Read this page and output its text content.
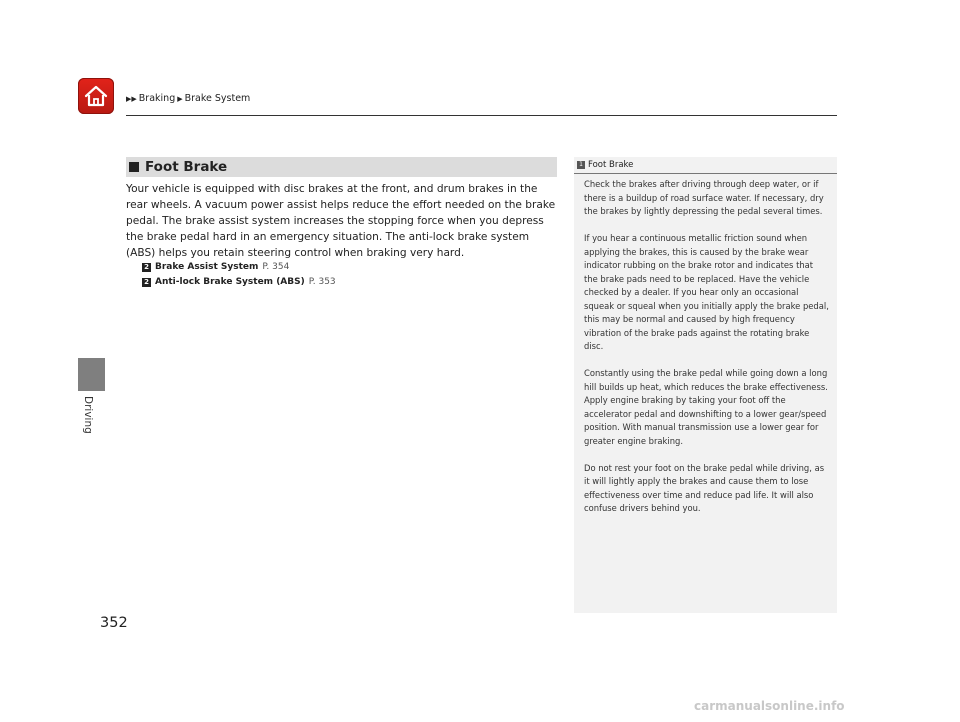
▶▶ Braking ▶ Brake System
Driving
352
Foot Brake

Your vehicle is equipped with disc brakes at the front, and drum brakes in the rear wheels. A vacuum power assist helps reduce the effort needed on the brake pedal. The brake assist system increases the stopping force when you depress the brake pedal hard in an emergency situation. The anti-lock brake system (ABS) helps you retain steering control when braking very hard.

2 Brake Assist System P. 354
2 Anti-lock Brake System (ABS) P. 353
1 Foot Brake

Check the brakes after driving through deep water, or if there is a buildup of road surface water. If necessary, dry the brakes by lightly depressing the pedal several times.

If you hear a continuous metallic friction sound when applying the brakes, this is caused by the brake wear indicator rubbing on the brake rotor and indicates that the brake pads need to be replaced. Have the vehicle checked by a dealer. If you hear only an occasional squeak or squeal when you initially apply the brake pedal, this may be normal and caused by high frequency vibration of the brake pads against the rotating brake disc.

Constantly using the brake pedal while going down a long hill builds up heat, which reduces the brake effectiveness. Apply engine braking by taking your foot off the accelerator pedal and downshifting to a lower gear/speed position. With manual transmission use a lower gear for greater engine braking.

Do not rest your foot on the brake pedal while driving, as it will lightly apply the brakes and cause them to lose effectiveness over time and reduce pad life. It will also confuse drivers behind you.

carmanualsonline.info
